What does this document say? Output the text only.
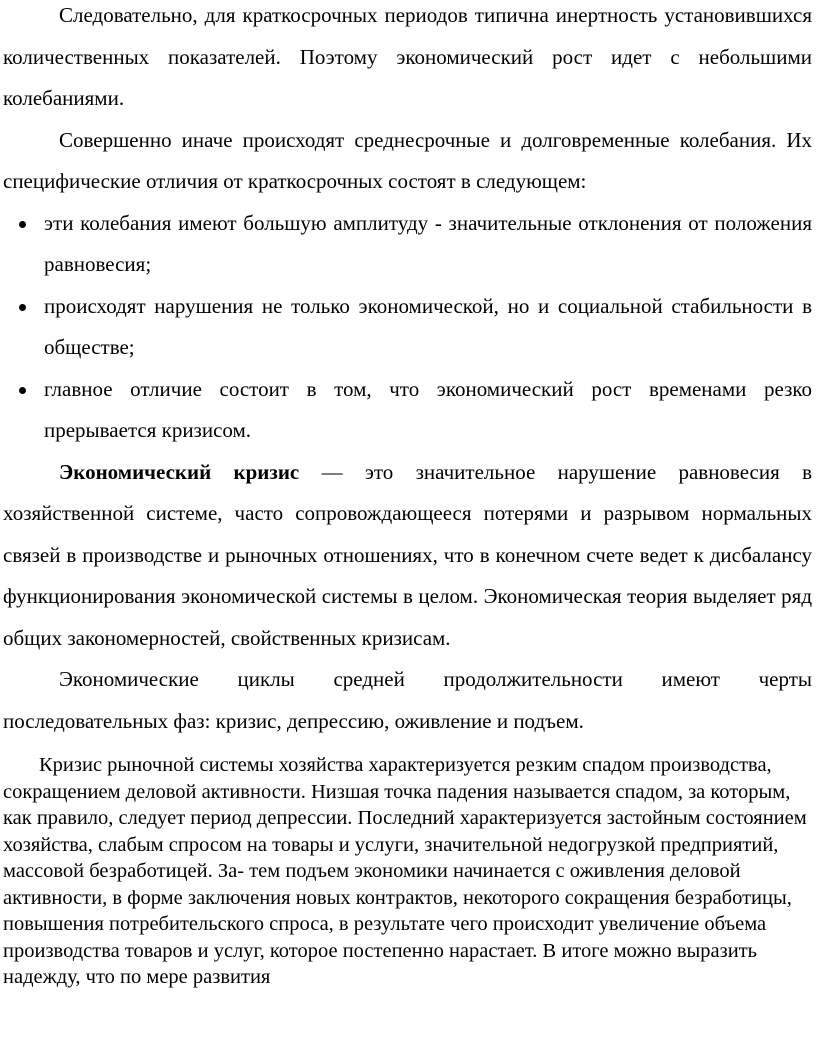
Следовательно, для краткосрочных периодов типична инертность установившихся количественных показателей. Поэтому экономический рост идет с небольшими колебаниями.

Совершенно иначе происходят среднесрочные и долговременные колебания. Их специфические отличия от краткосрочных состоят в следующем:

эти колебания имеют большую амплитуду - значительные отклонения от положения равновесия;
происходят нарушения не только экономической, но и социальной стабильности в обществе;
главное отличие состоит в том, что экономический рост временами резко прерывается кризисом.

Экономический кризис — это значительное нарушение равновесия в хозяйственной системе, часто сопровождающееся потерями и разрывом нормальных связей в производстве и рыночных отношениях, что в конечном счете ведет к дисбалансу функционирования экономической системы в целом. Экономическая теория выделяет ряд общих закономерностей, свойственных кризисам.

Экономические циклы средней продолжительности имеют черты последовательных фаз: кризис, депрессию, оживление и подъем.

Кризис рыночной системы хозяйства характеризуется резким спадом производства, сокращением деловой активности. Низшая точка падения называется спадом, за которым, как правило, следует период депрессии. Последний характеризуется застойным состоянием хозяйства, слабым спросом на товары и услуги, значительной недогрузкой предприятий, массовой безработицей. За- тем подъем экономики начинается с оживления деловой активности, в форме заключения новых контрактов, некоторого сокращения безработицы, повышения потребительского спроса, в результате чего происходит увеличение объема производства товаров и услуг, которое постепенно нарастает. В итоге можно выразить надежду, что по мере развития
